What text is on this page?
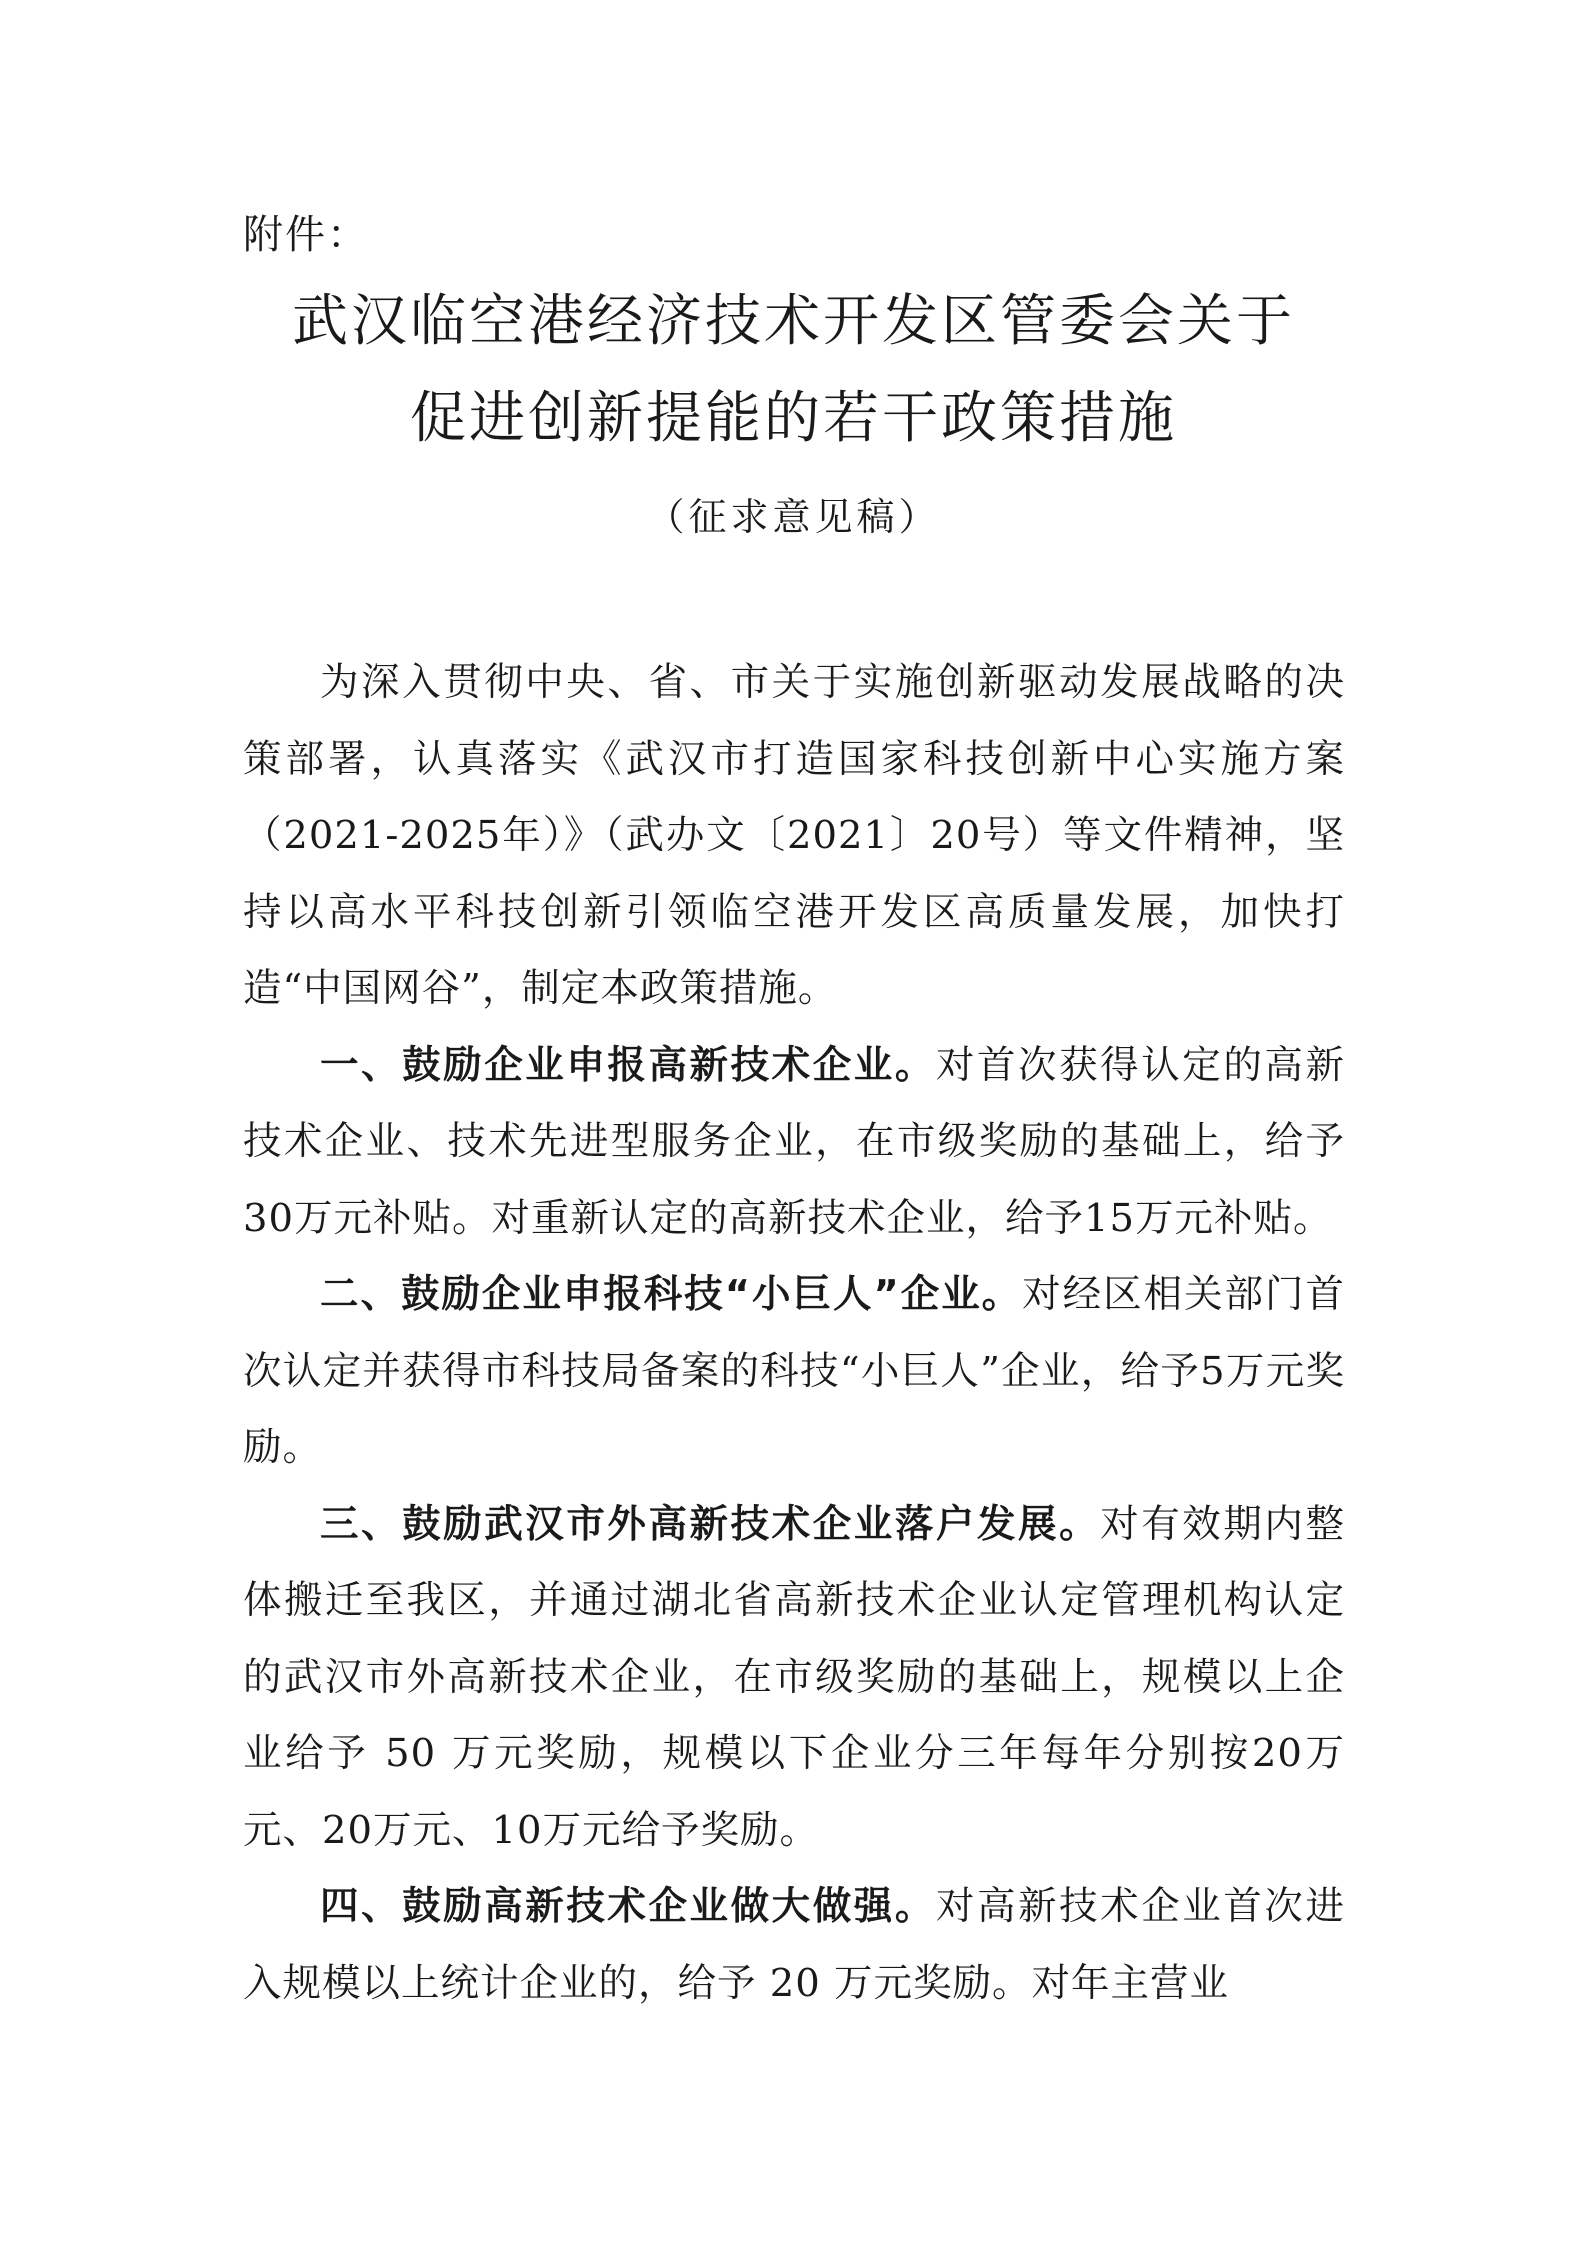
附件：
武汉临空港经济技术开发区管委会关于
促进创新提能的若干政策措施
（征求意见稿）

为深入贯彻中央、省、市关于实施创新驱动发展战略的决策部署，认真落实《武汉市打造国家科技创新中心实施方案（2021-2025年）》（武办文〔2021〕20号）等文件精神，坚持以高水平科技创新引领临空港开发区高质量发展，加快打造“中国网谷”，制定本政策措施。

一、鼓励企业申报高新技术企业。对首次获得认定的高新技术企业、技术先进型服务企业，在市级奖励的基础上，给予30万元补贴。对重新认定的高新技术企业，给予15万元补贴。

二、鼓励企业申报科技“小巨人”企业。对经区相关部门首次认定并获得市科技局备案的科技“小巨人”企业，给予5万元奖励。

三、鼓励武汉市外高新技术企业落户发展。对有效期内整体搬迁至我区，并通过湖北省高新技术企业认定管理机构认定的武汉市外高新技术企业，在市级奖励的基础上，规模以上企业给予 50 万元奖励，规模以下企业分三年每年分别按20万元、20万元、10万元给予奖励。

四、鼓励高新技术企业做大做强。对高新技术企业首次进入规模以上统计企业的，给予 20 万元奖励。对年主营业
